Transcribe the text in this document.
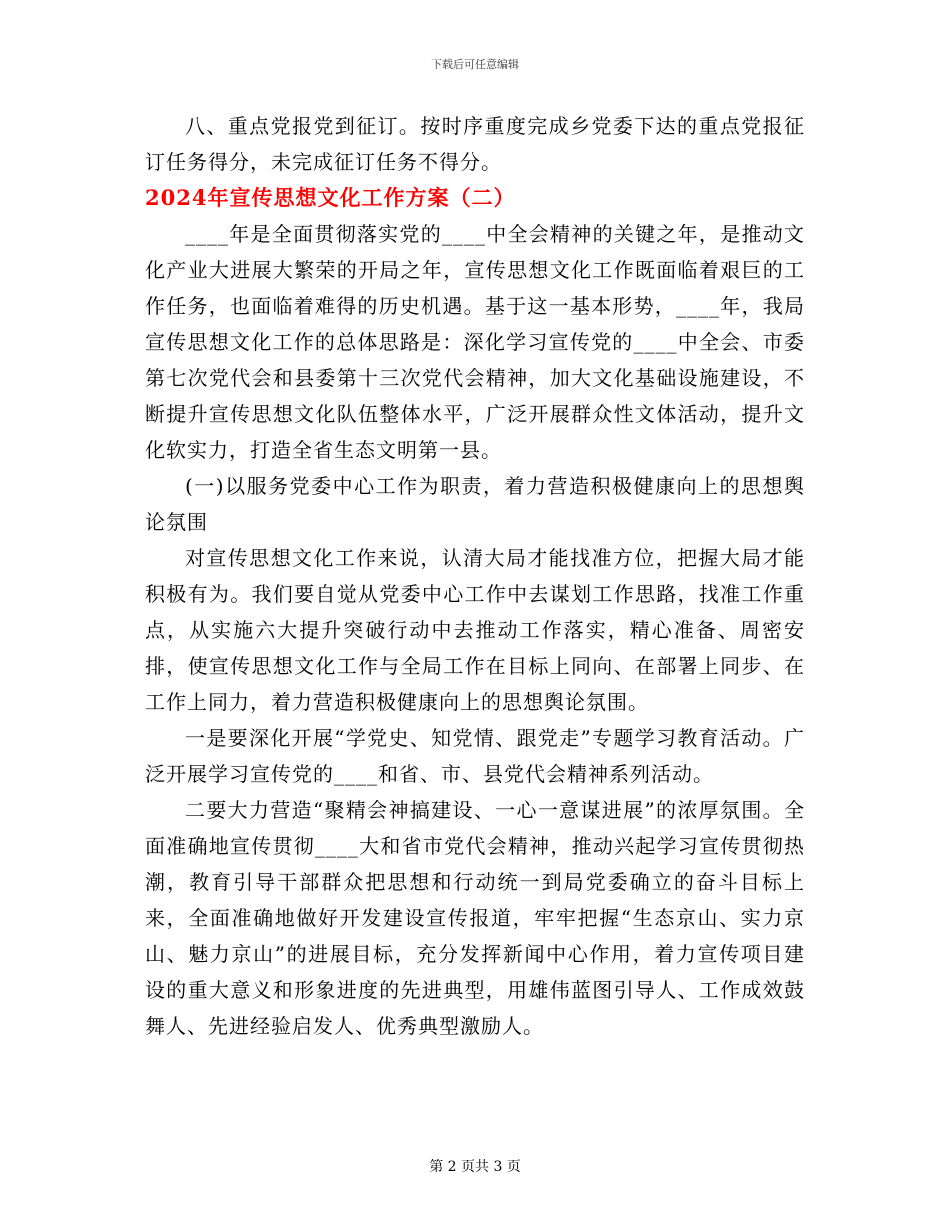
下载后可任意编辑

八、重点党报党到征订。按时序重度完成乡党委下达的重点党报征订任务得分，未完成征订任务不得分。

2024年宣传思想文化工作方案（二）

____年是全面贯彻落实党的____中全会精神的关键之年，是推动文化产业大进展大繁荣的开局之年，宣传思想文化工作既面临着艰巨的工作任务，也面临着难得的历史机遇。基于这一基本形势，____年，我局宣传思想文化工作的总体思路是：深化学习宣传党的____中全会、市委第七次党代会和县委第十三次党代会精神，加大文化基础设施建设，不断提升宣传思想文化队伍整体水平，广泛开展群众性文体活动，提升文化软实力，打造全省生态文明第一县。

(一)以服务党委中心工作为职责，着力营造积极健康向上的思想舆论氛围

对宣传思想文化工作来说，认清大局才能找准方位，把握大局才能积极有为。我们要自觉从党委中心工作中去谋划工作思路，找准工作重点，从实施六大提升突破行动中去推动工作落实，精心准备、周密安排，使宣传思想文化工作与全局工作在目标上同向、在部署上同步、在工作上同力，着力营造积极健康向上的思想舆论氛围。

一是要深化开展“学党史、知党情、跟党走”专题学习教育活动。广泛开展学习宣传党的____和省、市、县党代会精神系列活动。

二要大力营造“聚精会神搞建设、一心一意谋进展”的浓厚氛围。全面准确地宣传贯彻____大和省市党代会精神，推动兴起学习宣传贯彻热潮，教育引导干部群众把思想和行动统一到局党委确立的奋斗目标上来，全面准确地做好开发建设宣传报道，牢牢把握“生态京山、实力京山、魅力京山”的进展目标，充分发挥新闻中心作用，着力宣传项目建设的重大意义和形象进度的先进典型，用雄伟蓝图引导人、工作成效鼓舞人、先进经验启发人、优秀典型激励人。

第 2 页共 3 页
